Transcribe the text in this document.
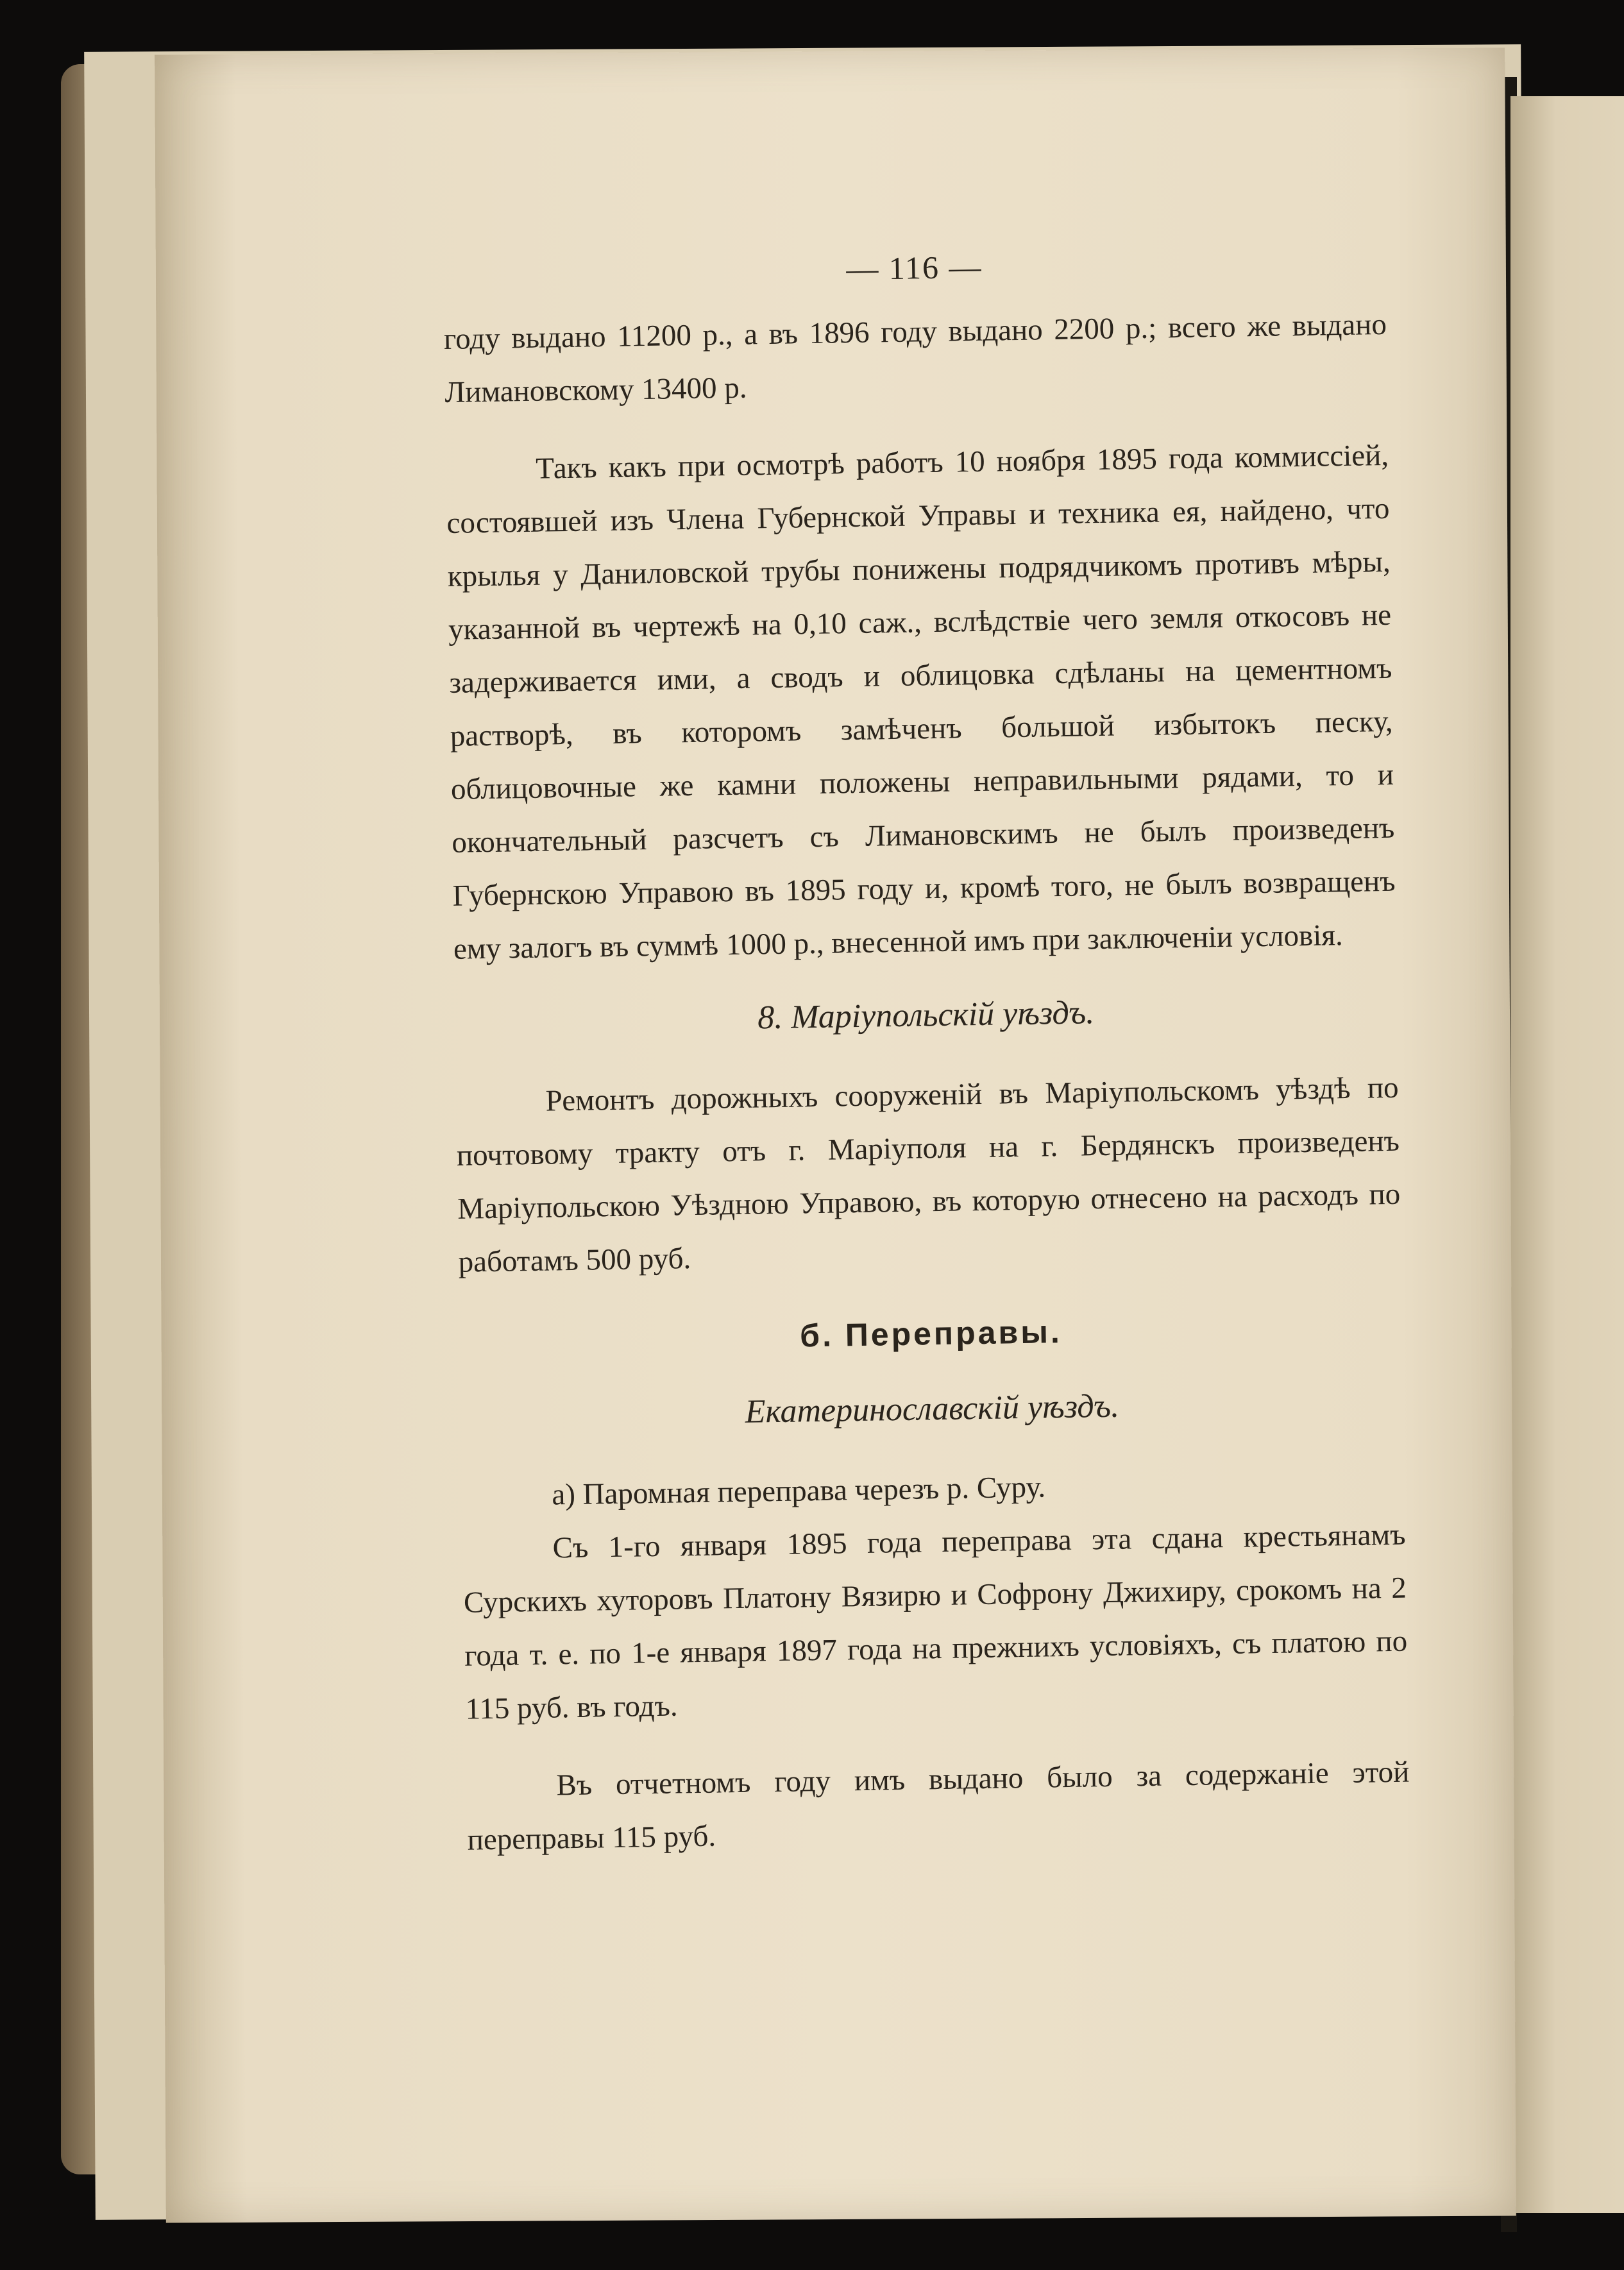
— 116 —

году выдано 11200 р., а въ 1896 году выдано 2200 р.; всего же выдано Лимановскому 13400 р.

Такъ какъ при осмотрѣ работъ 10 ноября 1895 года коммиссіей, состоявшей изъ Члена Губернской Управы и техника ея, найдено, что крылья у Даниловской трубы понижены подрядчикомъ противъ мѣры, указанной въ чертежѣ на 0,10 саж., вслѣдствіе чего земля откосовъ не задерживается ими, а сводъ и облицовка сдѣланы на цементномъ растворѣ, въ которомъ замѣченъ большой избытокъ песку, облицовочные же камни положены неправильными рядами, то и окончательный разсчетъ съ Лимановскимъ не былъ произведенъ Губернскою Управою въ 1895 году и, кромѣ того, не былъ возвращенъ ему залогъ въ суммѣ 1000 р., внесенной имъ при заключеніи условія.

8. Маріупольскій уѣздъ.

Ремонтъ дорожныхъ сооруженій въ Маріупольскомъ уѣздѣ по почтовому тракту отъ г. Маріуполя на г. Бердянскъ произведенъ Маріупольскою Уѣздною Управою, въ которую отнесено на расходъ по работамъ 500 руб.

б. Переправы.
Екатеринославскій уѣздъ.
а) Паромная переправа черезъ р. Суру.

Съ 1-го января 1895 года переправа эта сдана крестьянамъ Сурскихъ хуторовъ Платону Вязирю и Софрону Джихиру, срокомъ на 2 года т. е. по 1-е января 1897 года на прежнихъ условіяхъ, съ платою по 115 руб. въ годъ.

Въ отчетномъ году имъ выдано было за содержаніе этой переправы 115 руб.
